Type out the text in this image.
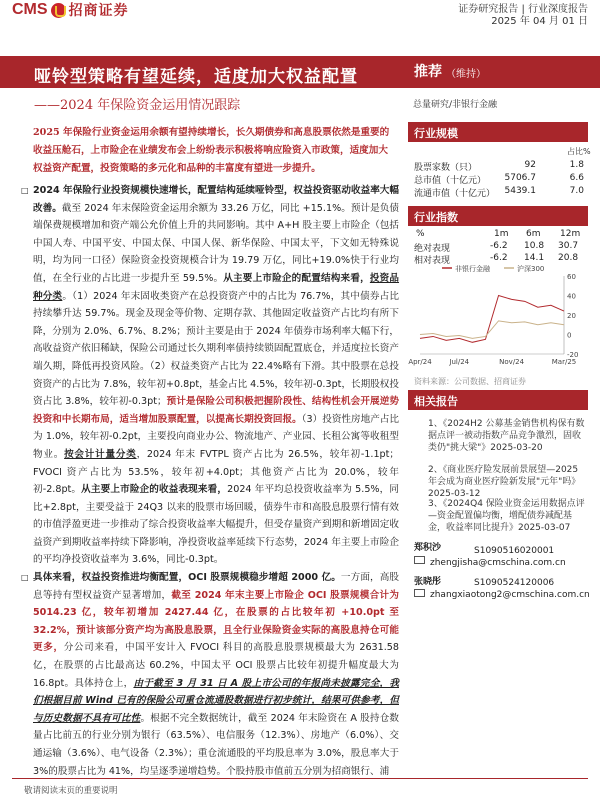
CMS 招商证券	证券研究报告 | 行业深度报告
2025 年 04 月 01 日
哑铃型策略有望延续，适度加大权益配置	推荐 （维持）
——2024 年保险资金运用情况跟踪	总量研究/非银行金融
2025 年保险行业资金运用余额有望持续增长，长久期债券和高息股票依然是重要的收益压舱石，上市险企在业绩发布会上纷纷表示积极将响应险资入市政策，适度加大权益资产配置，投资策略的多元化和品种的丰富度有望进一步提升。

□ 2024 年保险行业投资规模快速增长，配置结构延续哑铃型，权益投资驱动收益率大幅改善。截至 2024 年末保险资金运用余额为 33.26 万亿，同比 +15.1%。预计是负债端保费规模增加和资产端公允价值上升的共同影响。其中 A+H 股主要上市险企（包括中国人寿、中国平安、中国太保、中国人保、新华保险、中国太平，下文如无特殊说明，均为同一口径）保险资金投资规模合计为 19.79 万亿，同比+19.0%快于行业均值，在全行业的占比进一步提升至 59.5%。从主要上市险企的配置结构来看，投资品种分类。（1）2024 年末固收类资产在总投资资产中的占比为 76.7%，其中债券占比持续攀升达 59.7%。现金及现金等价物、定期存款、其他固定收益资产占比均有所下降，分别为 2.0%、6.7%、8.2%；预计主要是由于 2024 年债券市场利率大幅下行，高收益资产依旧稀缺，保险公司通过长久期利率债持续锁固配置底仓，并适度拉长资产端久期，降低再投资风险。（2）权益类资产占比为 22.4%略有下滑。其中股票在总投资资产的占比为 7.8%，较年初+0.8pt，基金占比 4.5%，较年初-0.3pt，长期股权投资占比 3.8%，较年初-0.3pt；预计是保险公司积极把握阶段性、结构性机会开展逆势投资和中长期布局，适当增加股票配置，以提高长期投资回报。（3）投资性房地产占比为 1.0%，较年初-0.2pt，主要投向商业办公、物流地产、产业园、长租公寓等收租型物业。按会计计量分类，2024 年末 FVTPL 资产占比为 26.5%，较年初-1.1pt；FVOCI 资产占比为 53.5%，较年初+4.0pt；其他资产占比为 20.0%，较年初-2.8pt。从主要上市险企的收益表现来看，2024 年平均总投资收益率为 5.5%，同比+2.8pt，主要受益于 24Q3 以来的股票市场回暖，债券牛市和高股息股票行情有效的市值浮盈更进一步推动了综合投资收益率大幅提升，但受存量资产到期和新增固定收益资产到期收益率持续下降影响，净投资收益率延续下行态势，2024 年主要上市险企的平均净投资收益率为 3.6%，同比-0.3pt。

□ 具体来看，权益投资推进均衡配置，OCI 股票规模稳步增超 2000 亿。一方面，高股息等持有型权益资产显著增加，截至 2024 年末主要上市险企 OCI 股票规模合计为 5014.23 亿，较年初增加 2427.44 亿，在股票的占比较年初 +10.0pt 至 32.2%，预计该部分资产均为高股息股票，且全行业保险资金实际的高股息持仓可能更多，分公司来看，中国平安计入 FVOCI 科目的高股息股票规模最大为 2631.58 亿，在股票的占比最高达 60.2%，中国太平 OCI 股票占比较年初提升幅度最大为 16.8pt。具体持仓上，由于截至 3 月 31 日 A 股上市公司的年报尚未披露完全，我们根据目前 Wind 已有的保险公司重仓流通股数据进行初步统计，结果可供参考，但与历史数据不具有可比性。根据不完全数据统计，截至 2024 年末险资在 A 股持仓数量占比前五的行业分别为银行（63.5%）、电信服务（12.3%）、房地产（6.0%）、交通运输（3.6%）、电气设备（2.3%）；重仓流通股的平均股息率为 3.0%，股息率大于 3%的股票占比为 41%，均呈逐季递增趋势。个股持股市值前五分别为招商银行、浦

行业规模
占比%
股票家数（只）	92	1.8
总市值（十亿元） 5706.7	6.6
流通市值（十亿元） 5439.1	7.0
行业指数
%	1m 6m 12m
绝对表现	-6.2 10.8 30.7
相对表现	-6.2 14.1 20.8
-20
0
20
40
60
Apr/24	Jul/24	Nov/24	Mar/25
非银行金融	沪深300
资料来源：公司数据、招商证券
相关报告
1、《2024H2 公募基金销售机构保有数据点评一被动指数产品竞争激烈，固收类仍"挑大梁"》2025-03-20
2、《商业医疗险发展前景展望—2025 年会成为商业医疗险新发展"元年"吗》2025-03-12
3、《2024Q4 保险业资金运用数据点评—资金配置偏均衡，增配债券减配基金，收益率同比提升》2025-03-07
郑积沙	S1090516020001
zhengjisha@cmschina.com.cn
张晓彤	S1090524120006
zhangxiaotong2@cmschina.com.cn
敬请阅读末页的重要说明
